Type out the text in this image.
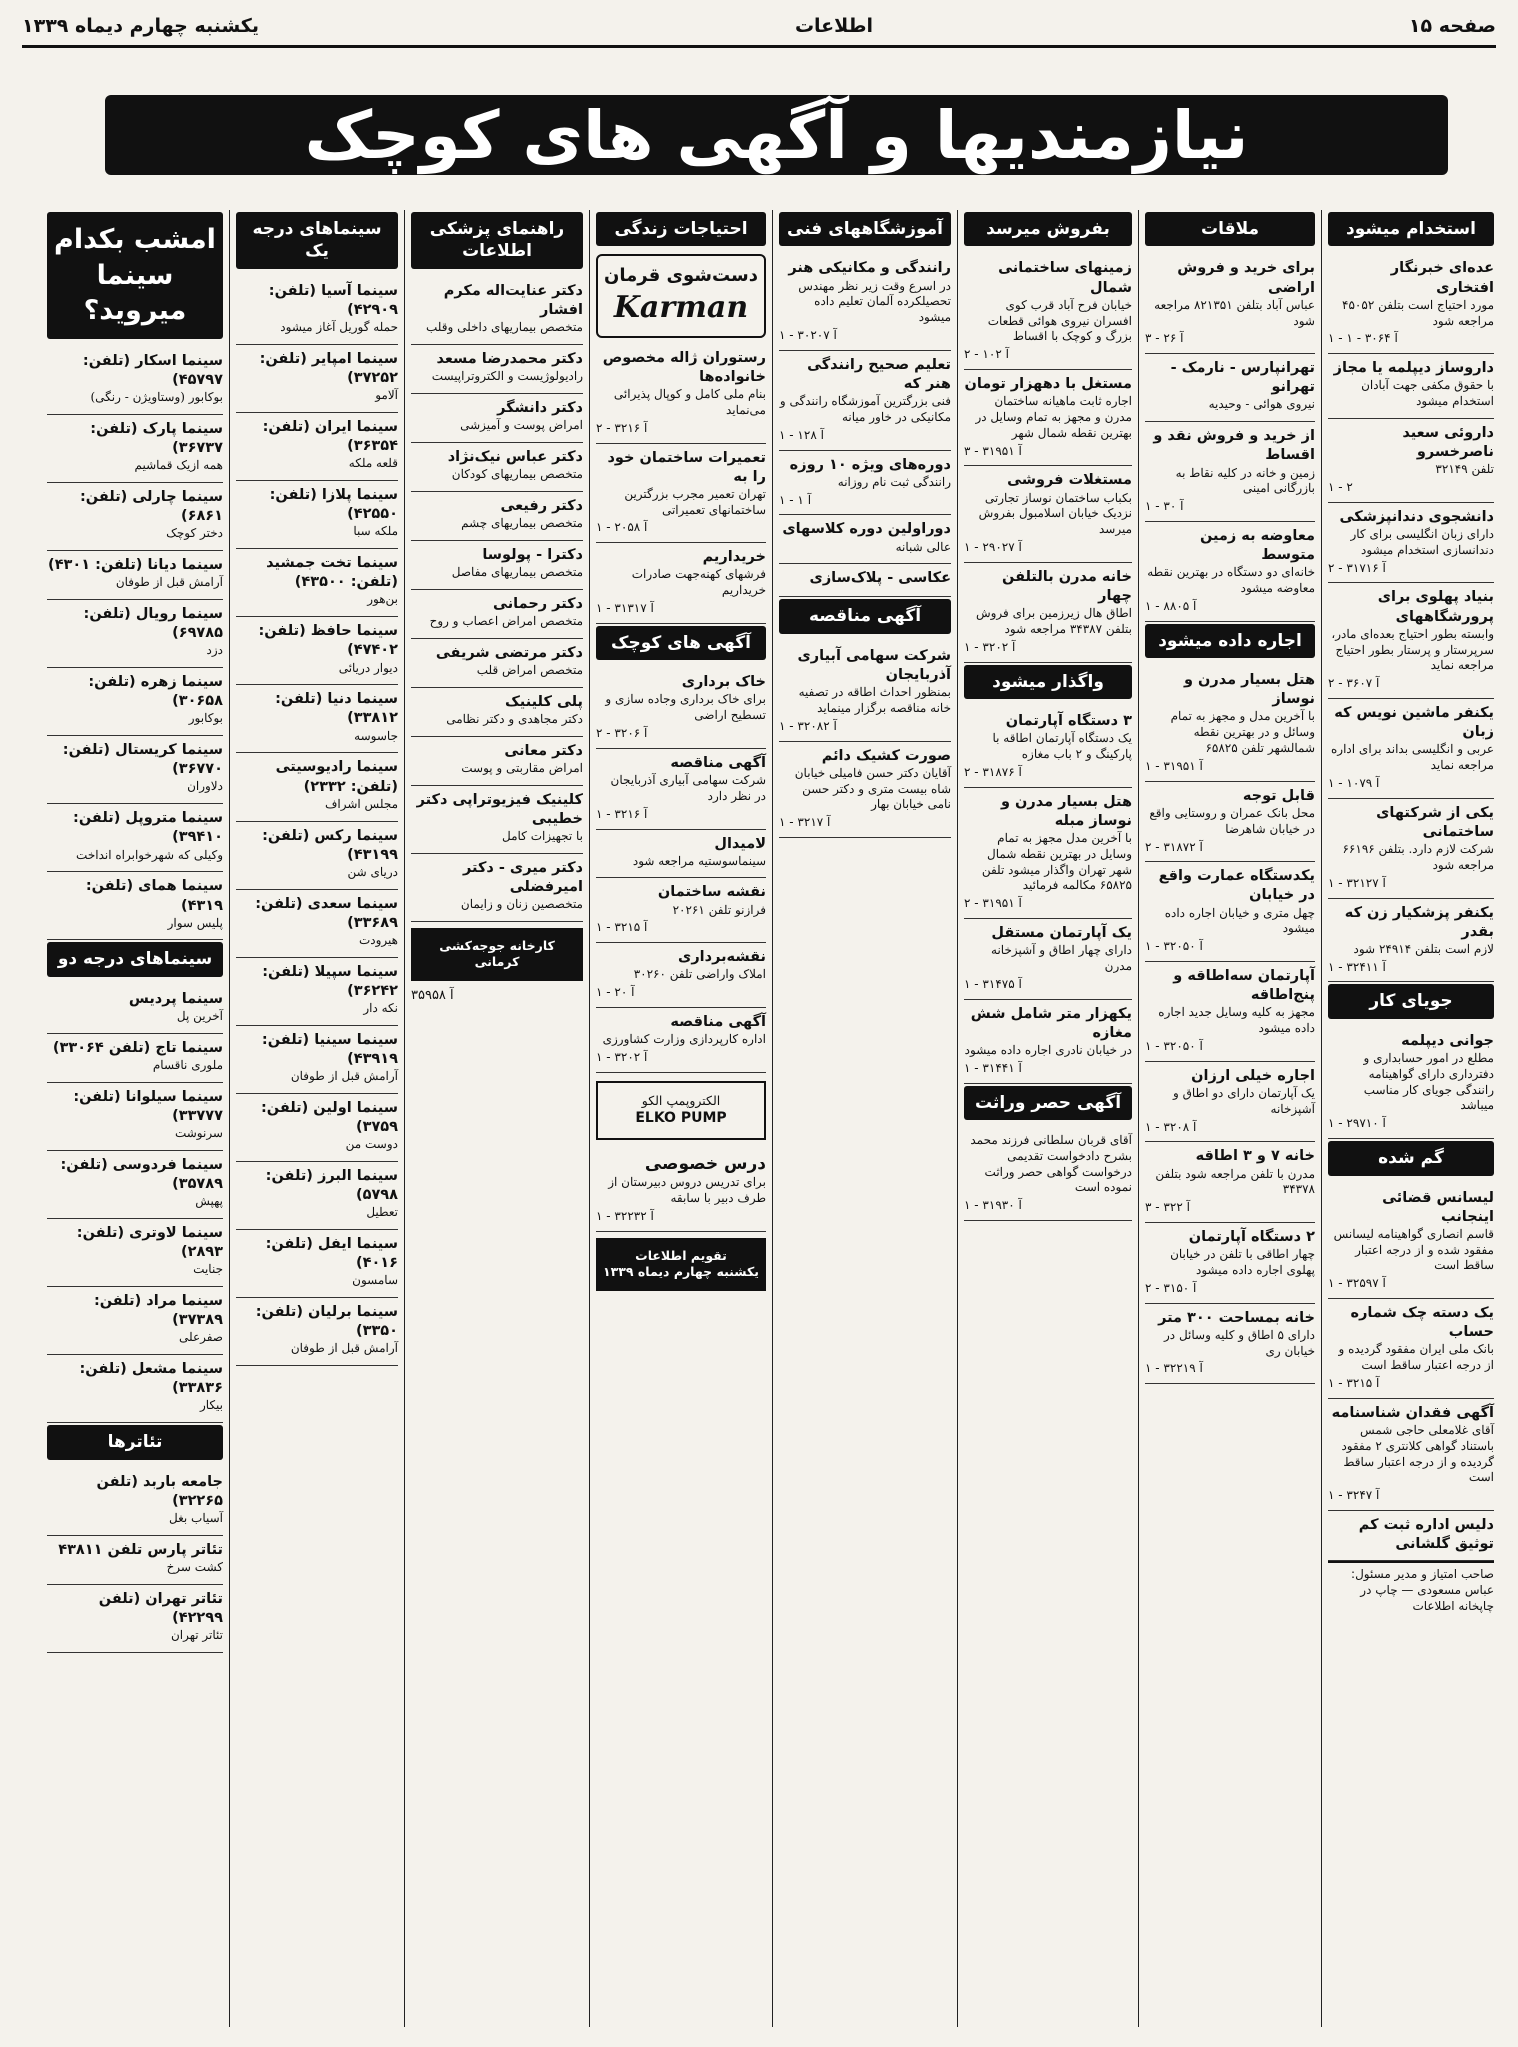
صفحه ۱۵
اطلاعات
یکشنبه چهارم دیماه ۱۳۳۹
نیازمندیها و آگهی های کوچک
استخدام میشود
عده‌ای خبرنگار افتخاری
مورد احتیاج است بتلفن ۴۵۰۵۲ مراجعه شود
آ ۳۰۶۴ - ۱ - ۱
داروساز دیپلمه یا مجاز
با حقوق مکفی جهت آبادان استخدام میشود
داروئی سعید ناصرخسرو
تلفن ۳۲۱۴۹
۱ - ۲
دانشجوی دندانپزشکی
دارای زبان انگلیسی برای کار دندانسازی استخدام میشود
آ ۳۱۷۱۶ - ۲
بنیاد پهلوی برای پرورشگاههای
وابسته بطور احتیاج بعده‌ای مادر، سرپرستار و پرستار بطور احتیاج مراجعه نماید
آ ۳۶۰۷ - ۲
یکنفر ماشین نویس که زبان
عربی و انگلیسی بداند برای اداره مراجعه نماید
آ ۱۰۷۹ - ۱
یکی از شرکتهای ساختمانی
شرکت لازم دارد. بتلفن ۶۶۱۹۶ مراجعه شود
آ ۳۲۱۲۷ - ۱
یکنفر پزشکیار زن که بقدر
لازم است بتلفن ۲۴۹۱۴ شود
آ ۳۲۴۱۱ - ۱
جویای کار
جوانی دیپلمه
مطلع در امور حسابداری و دفترداری دارای گواهینامه رانندگی جویای کار مناسب میباشد
آ ۲۹۷۱۰ - ۱
گم شده
لیسانس قضائی اینجانب
قاسم انصاری گواهینامه لیسانس مفقود شده و از درجه اعتبار ساقط است
آ ۳۲۵۹۷ - ۱
یک دسته چک شماره حساب
بانک ملی ایران مفقود گردیده و از درجه اعتبار ساقط است
آ ۳۲۱۵ - ۱
آگهی فقدان شناسنامه
آقای غلامعلی حاجی شمس باستناد گواهی کلانتری ۲ مفقود گردیده و از درجه اعتبار ساقط است
آ ۳۲۴۷ - ۱
دلیس اداره ثبت کم توثیق گلشانی
صاحب امتیاز و مدیر مسئول: عباس مسعودی — چاپ در چاپخانه اطلاعات
ملاقات
برای خرید و فروش اراضی
عباس آباد بتلفن ۸۲۱۳۵۱ مراجعه شود
آ ۲۶ - ۳
تهرانپارس - نارمک - تهرانو
نیروی هوائی - وحیدیه
از خرید و فروش نقد و اقساط
زمین و خانه در کلیه نقاط به بازرگانی امینی
آ ۳۰ - ۱
معاوضه به زمین متوسط
خانه‌ای دو دستگاه در بهترین نقطه معاوضه میشود
آ ۸۸۰۵ - ۱
اجاره داده میشود
هتل بسیار مدرن و نوساز
با آخرین مدل و مجهز به تمام وسائل و در بهترین نقطه شمالشهر تلفن ۶۵۸۲۵
آ ۳۱۹۵۱ - ۱
قابل توجه
محل بانک عمران و روستایی واقع در خیابان شاهرضا
آ ۳۱۸۷۲ - ۲
یکدستگاه عمارت واقع در خیابان
چهل متری و خیابان اجاره داده میشود
آ ۳۲۰۵۰ - ۱
آپارتمان سه‌اطاقه و پنج‌اطاقه
مجهز به کلیه وسایل جدید اجاره داده میشود
آ ۳۲۰۵۰ - ۱
اجاره خیلی ارزان
یک آپارتمان دارای دو اطاق و آشپزخانه
آ ۳۲۰۸ - ۱
خانه ۷ و ۳ اطاقه
مدرن با تلفن مراجعه شود بتلفن ۳۴۳۷۸
آ ۳۲۲ - ۳
۲ دستگاه آپارتمان
چهار اطاقی با تلفن در خیابان پهلوی اجاره داده میشود
آ ۳۱۵۰ - ۲
خانه بمساحت ۳۰۰ متر
دارای ۵ اطاق و کلیه وسائل در خیابان ری
آ ۳۲۲۱۹ - ۱
بفروش میرسد
زمینهای ساختمانی شمال
خیابان فرح آباد قرب کوی افسران نیروی هوائی قطعات بزرگ و کوچک با اقساط
آ ۱۰۲ - ۲
مستغل با دههزار تومان
اجاره ثابت ماهیانه ساختمان مدرن و مجهز به تمام وسایل در بهترین نقطه شمال شهر
آ ۳۱۹۵۱ - ۳
مستغلات فروشی
بکباب ساختمان نوساز تجارتی نزدیک خیابان اسلامبول بفروش میرسد
آ ۲۹۰۲۷ - ۱
خانه مدرن بالتلفن چهار
اطاق هال زیرزمین برای فروش بتلفن ۳۴۳۸۷ مراجعه شود
آ ۳۲۰۲ - ۱
واگذار میشود
۳ دستگاه آپارتمان
یک دستگاه آپارتمان اطاقه با پارکینگ و ۲ باب مغازه
آ ۳۱۸۷۶ - ۲
هتل بسیار مدرن و نوساز مبله
با آخرین مدل مجهز به تمام وسایل در بهترین نقطه شمال شهر تهران واگذار میشود تلفن ۶۵۸۲۵ مکالمه فرمائید
آ ۳۱۹۵۱ - ۲
یک آپارتمان مستقل
دارای چهار اطاق و آشپزخانه مدرن
آ ۳۱۴۷۵ - ۱
یکهزار متر شامل شش مغازه
در خیابان نادری اجاره داده میشود
آ ۳۱۴۴۱ - ۱
آگهی حصر وراثت
آقای قربان سلطانی فرزند محمد بشرح دادخواست تقدیمی درخواست گواهی حصر وراثت نموده است
آ ۳۱۹۳۰ - ۱
آموزشگاههای فنی
رانندگی و مکانیکی هنر
در اسرع وقت زیر نظر مهندس تحصیلکرده آلمان تعلیم داده میشود
آ ۳۰۲۰۷ - ۱
تعلیم صحیح رانندگی هنر که
فنی بزرگترین آموزشگاه رانندگی و مکانیکی در خاور میانه
آ ۱۲۸ - ۱
دوره‌های ویژه ۱۰ روزه
رانندگی ثبت نام روزانه
آ ۱ - ۱
دوراولین دوره کلاسهای
عالی شبانه
عکاسی - پلاک‌سازی
آگهی مناقصه
شرکت سهامی آبیاری آذربایجان
بمنظور احداث اطاقه در تصفیه خانه مناقصه برگزار مینماید
آ ۳۲۰۸۲ - ۱
صورت کشیک دائم
آقایان دکتر حسن فامیلی خیابان شاه بیست متری و دکتر حسن نامی خیابان بهار
آ ۳۲۱۷ - ۱
احتیاجات زندگی
دست‌شوی قرمان
Karman
رستوران ژاله مخصوص خانواده‌ها
بنام ملی کامل و کوپال پذیرائی می‌نماید
آ ۳۲۱۶ - ۲
تعمیرات ساختمان خود را به
تهران تعمیر مجرب بزرگترین ساختمانهای تعمیراتی
آ ۲۰۵۸ - ۱
خریداریم
فرشهای کهنه‌جهت صادرات خریداریم
آ ۳۱۳۱۷ - ۱
آگهی های کوچک
خاک برداری
برای خاک برداری وجاده سازی و تسطیح اراضی
آ ۳۲۰۶ - ۲
آگهی مناقصه
شرکت سهامی آبیاری آذربایجان در نظر دارد
آ ۳۲۱۶ - ۱
لامیدال
سینماسوستیه مراجعه شود
نقشه ساختمان
فرازنو تلفن ۲۰۲۶۱
آ ۳۲۱۵ - ۱
نقشه‌برداری
املاک واراضی تلفن ۳۰۲۶۰
آ ۲۰ - ۱
آگهی مناقصه
اداره کارپردازی وزارت کشاورزی
آ ۳۲۰۲ - ۱
الکتروپمپ الکو
ELKO PUMP
درس خصوصی
برای تدریس دروس دبیرستان از طرف دبیر با سابقه
آ ۳۲۲۳۲ - ۱
تقویم اطلاعات
یکشنبه چهارم دیماه ۱۳۳۹
راهنمای پزشکی اطلاعات
دکتر عنایت‌اله مکرم افشار
متخصص بیماریهای داخلی وقلب
دکتر محمدرضا مسعد
رادیولوژیست و الکتروتراپیست
دکتر دانشگر
امراض پوست و آمیزشی
دکتر عباس نیک‌نژاد
متخصص بیماریهای کودکان
دکتر رفیعی
متخصص بیماریهای چشم
دکترا - پولوسا
متخصص بیماریهای مفاصل
دکتر رحمانی
متخصص امراض اعصاب و روح
دکتر مرتضی شریفی
متخصص امراض قلب
پلی کلینیک
دکتر مجاهدی و دکتر نظامی
دکتر معانی
امراض مقاربتی و پوست
کلینیک فیزیوتراپی دکتر خطیبی
با تجهیزات کامل
دکتر میری - دکتر امیرفضلی
متخصصین زنان و زایمان
کارخانه جوجه‌کشی کرمانی
آ ۳۵۹۵۸
سینماهای درجه یک
سینما آسیا (تلفن: ۴۲۹۰۹)
حمله گوریل آغاز میشود
سینما امپایر (تلفن: ۳۷۲۵۲)
آلامو
سینما ایران (تلفن: ۳۶۳۵۴)
قلعه ملکه
سینما پلازا (تلفن: ۴۲۵۵۰)
ملکه سبا
سینما تخت جمشید (تلفن: ۴۳۵۰۰)
بن‌هور
سینما حافظ (تلفن: ۴۷۴۰۲)
دیوار دریائی
سینما دنیا (تلفن: ۳۳۸۱۲)
جاسوسه
سینما رادیوسیتی (تلفن: ۲۳۳۲)
مجلس اشراف
سینما رکس (تلفن: ۴۳۱۹۹)
دریای شن
سینما سعدی (تلفن: ۳۳۶۸۹)
هیرودت
سینما سپیلا (تلفن: ۳۶۲۴۲)
نکه دار
سینما سینیا (تلفن: ۴۳۹۱۹)
آرامش قبل از طوفان
سینما اولین (تلفن: ۳۷۵۹)
دوست من
سینما البرز (تلفن: ۵۷۹۸)
تعطیل
سینما ایفل (تلفن: ۴۰۱۶)
سامسون
سینما برلیان (تلفن: ۳۳۵۰)
آرامش قبل از طوفان
امشب بکدام سینما میروید؟
سینما اسکار (تلفن: ۴۵۷۹۷)
بوکابور (وستاویژن - رنگی)
سینما پارک (تلفن: ۳۶۷۳۷)
همه ازیک قماشیم
سینما چارلی (تلفن: ۶۸۶۱)
دختر کوچک
سینما دیانا (تلفن: ۴۳۰۱)
آرامش قبل از طوفان
سینما رویال (تلفن: ۶۹۷۸۵)
دزد
سینما زهره (تلفن: ۳۰۶۵۸)
بوکابور
سینما کریستال (تلفن: ۳۶۷۷۰)
دلاوران
سینما متروپل (تلفن: ۳۹۴۱۰)
وکیلی که شهرخوابراه انداخت
سینما همای (تلفن: ۴۳۱۹)
پلیس سوار
سینماهای درجه دو
سینما پردیس
آخرین پل
سینما تاج (تلفن ۳۳۰۶۴)
ملوری ناقسام
سینما سیلوانا (تلفن: ۳۳۷۷۷)
سرنوشت
سینما فردوسی (تلفن: ۳۵۷۸۹)
پهپش
سینما لاوتری (تلفن: ۲۸۹۳)
جنایت
سینما مراد (تلفن: ۳۷۳۸۹)
صفرعلی
سینما مشعل (تلفن: ۳۳۸۳۶)
بیکار
تئاترها
جامعه باربد (تلفن ۳۲۲۶۵)
آسیاب بغل
تئاتر پارس تلفن ۴۳۸۱۱
کشت سرخ
تئاتر تهران (تلفن ۴۲۲۹۹)
تئاتر تهران
